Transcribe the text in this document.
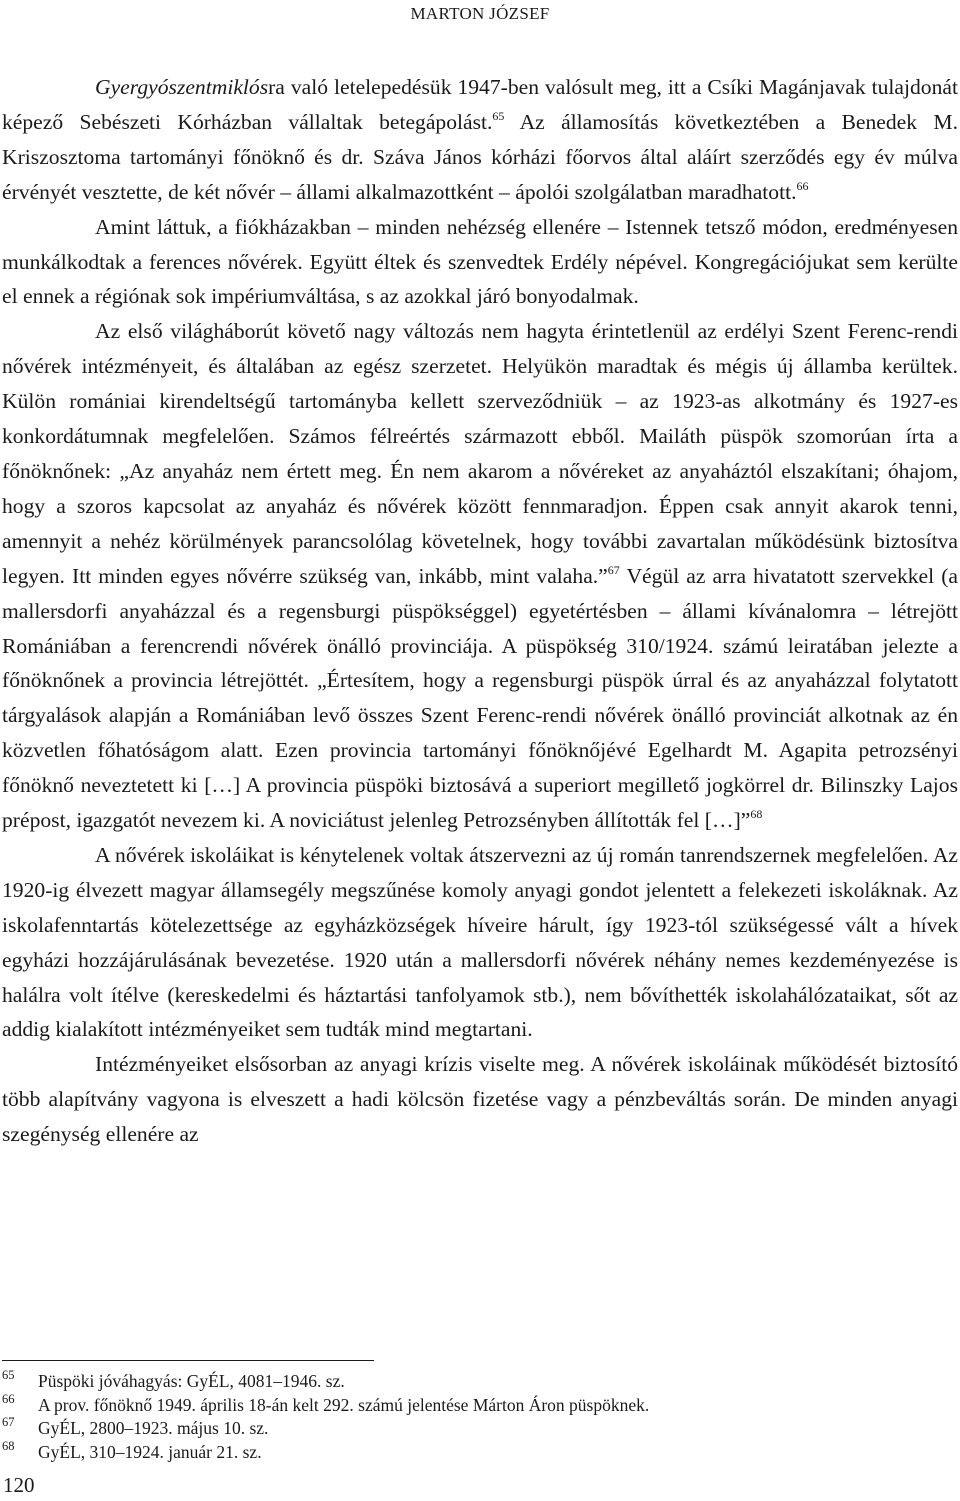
MARTON JÓZSEF

Gyergyószentmiklósra való letelepedésük 1947-ben valósult meg, itt a Csíki Magánjavak tulajdonát képező Sebészeti Kórházban vállaltak betegápolást.$^{65}$ Az államosítás következtében a Benedek M. Kriszosztoma tartományi főnöknő és dr. Száva János kórházi főorvos által aláírt szerződés egy év múlva érvényét vesztette, de két nővér – állami alkalmazottként – ápolói szolgálatban maradhatott.$^{66}$

Amint láttuk, a fiókházakban – minden nehézség ellenére – Istennek tetsző módon, eredményesen munkálkodtak a ferences nővérek. Együtt éltek és szenvedtek Erdély népével. Kongregációjukat sem kerülte el ennek a régiónak sok impériumváltása, s az azokkal járó bonyodalmak.

Az első világháborút követő nagy változás nem hagyta érintetlenül az erdélyi Szent Ferenc-rendi nővérek intézményeit, és általában az egész szerzetet. Helyükön maradtak és mégis új államba kerültek. Külön romániai kirendeltségű tartományba kellett szerveződniük – az 1923-as alkotmány és 1927-es konkordátumnak megfelelően. Számos félreértés származott ebből. Mailáth püspök szomorúan írta a főnöknőnek: „Az anyaház nem értett meg. Én nem akarom a nővéreket az anyaháztól elszakítani; óhajom, hogy a szoros kapcsolat az anyaház és nővérek között fennmaradjon. Éppen csak annyit akarok tenni, amennyit a nehéz körülmények parancsolólag követelnek, hogy további zavartalan működésünk biztosítva legyen. Itt minden egyes nővérre szükség van, inkább, mint valaha.”$^{67}$ Végül az arra hivatatott szervekkel (a mallersdorfi anyaházzal és a regensburgi püspökséggel) egyetértésben – állami kívánalomra – létrejött Romániában a ferencrendi nővérek önálló provinciája. A püspökség 310/1924. számú leiratában jelezte a főnöknőnek a provincia létrejöttét. „Értesítem, hogy a regensburgi püspök úrral és az anyaházzal folytatott tárgyalások alapján a Romániában levő összes Szent Ferenc-rendi nővérek önálló provinciát alkotnak az én közvetlen főhatóságom alatt. Ezen provincia tartományi főnöknőjévé Egelhardt M. Agapita petrozsényi főnöknő neveztetett ki […] A provincia püspöki biztosává a superiort megillető jogkörrel dr. Bilinszky Lajos prépost, igazgatót nevezem ki. A noviciátust jelenleg Petrozsényben állították fel […]”$^{68}$

A nővérek iskoláikat is kénytelenek voltak átszervezni az új román tanrendszernek megfelelően. Az 1920-ig élvezett magyar államsegély megszűnése komoly anyagi gondot jelentett a felekezeti iskoláknak. Az iskolafenntartás kötelezettsége az egyházközségek híveire hárult, így 1923-tól szükségessé vált a hívek egyházi hozzájárulásának bevezetése. 1920 után a mallersdorfi nővérek néhány nemes kezdeményezése is halálra volt ítélve (kereskedelmi és háztartási tanfolyamok stb.), nem bővíthették iskolahálózataikat, sőt az addig kialakított intézményeiket sem tudták mind megtartani.

Intézményeiket elsősorban az anyagi krízis viselte meg. A nővérek iskoláinak működését biztosító több alapítvány vagyona is elveszett a hadi kölcsön fizetése vagy a pénzbeváltás során. De minden anyagi szegénység ellenére az

65 Püspöki jóváhagyás: GyÉL, 4081–1946. sz.
66 A prov. főnöknő 1949. április 18-án kelt 292. számú jelentése Márton Áron püspöknek.
67 GyÉL, 2800–1923. május 10. sz.
68 GyÉL, 310–1924. január 21. sz.
120
